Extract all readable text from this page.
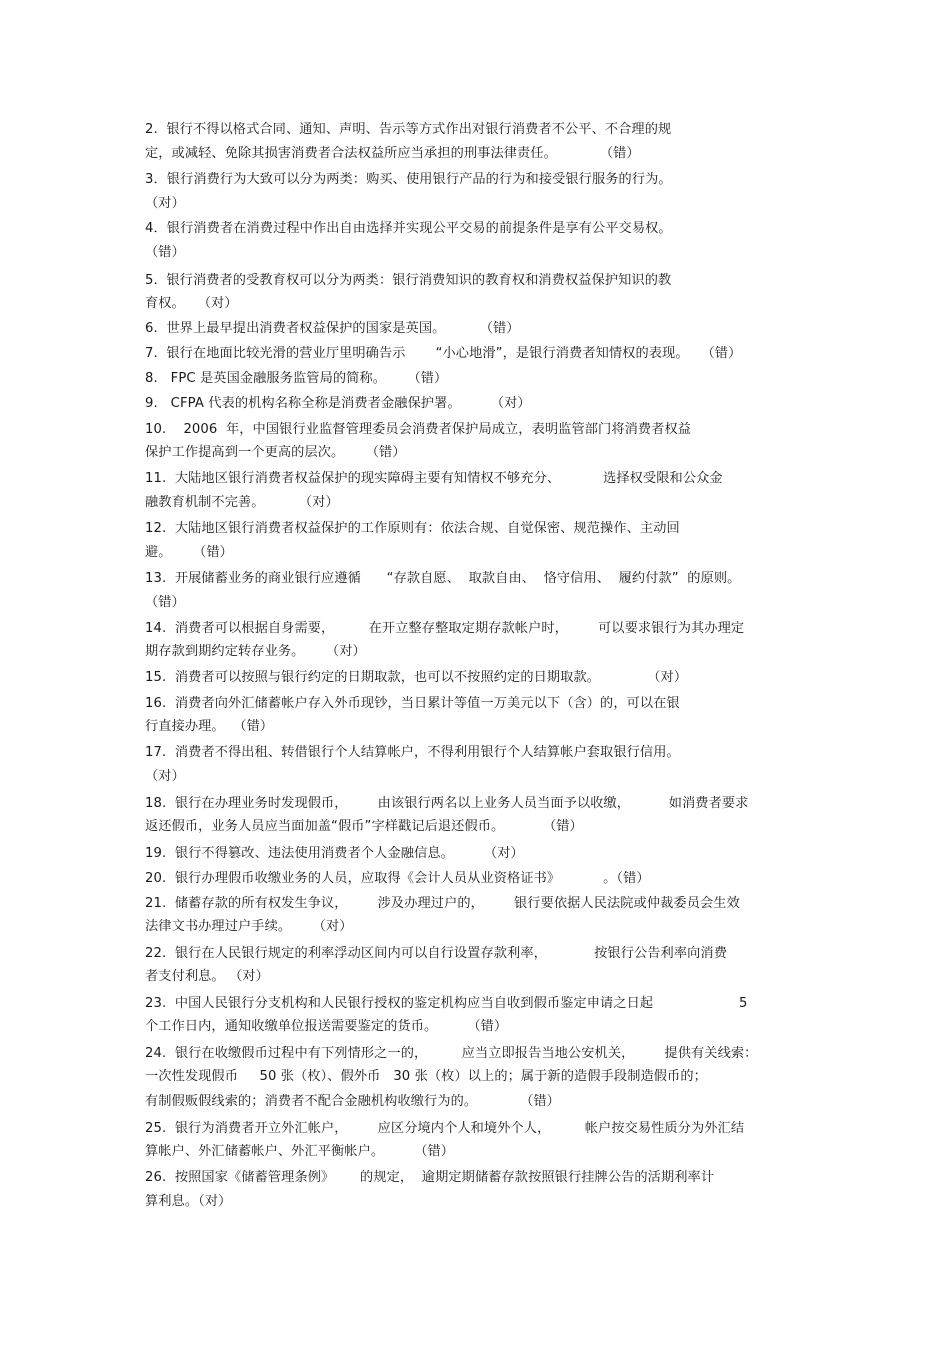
2.  银行不得以格式合同、通知、声明、告示等方式作出对银行消费者不公平、不合理的规
定，或减轻、免除其损害消费者合法权益所应当承担的刑事法律责任。          （错）
3．银行消费行为大致可以分为两类：购买、使用银行产品的行为和接受银行服务的行为。
（对）
4．银行消费者在消费过程中作出自由选择并实现公平交易的前提条件是享有公平交易权。
（错）
5.  银行消费者的受教育权可以分为两类：银行消费知识的教育权和消费权益保护知识的教
育权。   （对）
6.  世界上最早提出消费者权益保护的国家是英国。        （错）
7.  银行在地面比较光滑的营业厅里明确告示       “小心地滑”，是银行消费者知情权的表现。   （错）
8.   FPC 是英国金融服务监管局的简称。     （错）
9.   CFPA 代表的机构名称全称是消费者金融保护署。       （对）
10.    2006  年，中国银行业监督管理委员会消费者保护局成立，表明监管部门将消费者权益
保护工作提高到一个更高的层次。     （错）
11.  大陆地区银行消费者权益保护的现实障碍主要有知情权不够充分、          选择权受限和公众金
融教育机制不完善。        （对）
12.  大陆地区银行消费者权益保护的工作原则有：依法合规、自觉保密、规范操作、主动回
避。     （错）
13.  开展储蓄业务的商业银行应遵循      “存款自愿、  取款自由、  恪守信用、  履约付款”  的原则。
（错）
14.  消费者可以根据自身需要，        在开立整存整取定期存款帐户时，       可以要求银行为其办理定
期存款到期约定转存业务。     （对）
15.  消费者可以按照与银行约定的日期取款，也可以不按照约定的日期取款。           （对）
16.  消费者向外汇储蓄帐户存入外币现钞，当日累计等值一万美元以下（含）的，可以在银
行直接办理。  （错）
17.  消费者不得出租、转借银行个人结算帐户，不得利用银行个人结算帐户套取银行信用。
（对）
18.  银行在办理业务时发现假币，       由该银行两名以上业务人员当面予以收缴，         如消费者要求
返还假币，业务人员应当面加盖“假币”字样戳记后退还假币。         （错）
19.  银行不得篡改、违法使用消费者个人金融信息。       （对）
20.  银行办理假币收缴业务的人员，应取得《会计人员从业资格证书》          。（错）
21.  储蓄存款的所有权发生争议，       涉及办理过户的，       银行要依据人民法院或仲裁委员会生效
法律文书办理过户手续。     （对）
22.  银行在人民银行规定的利率浮动区间内可以自行设置存款利率，           按银行公告利率向消费
者支付利息。 （对）
23.  中国人民银行分支机构和人民银行授权的鉴定机构应当自收到假币鉴定申请之日起                    5
个工作日内，通知收缴单位报送需要鉴定的货币。       （错）
24.  银行在收缴假币过程中有下列情形之一的，        应当立即报告当地公安机关，       提供有关线索：
一次性发现假币     50 张（枚）、假外币   30 张（枚）以上的；属于新的造假手段制造假币的；
有制假贩假线索的；消费者不配合金融机构收缴行为的。          （错）
25.  银行为消费者开立外汇帐户，       应区分境内个人和境外个人，        帐户按交易性质分为外汇结
算帐户、外汇储蓄帐户、外汇平衡帐户。       （错）
26.  按照国家《储蓄管理条例》      的规定，  逾期定期储蓄存款按照银行挂牌公告的活期利率计
算利息。（对）
